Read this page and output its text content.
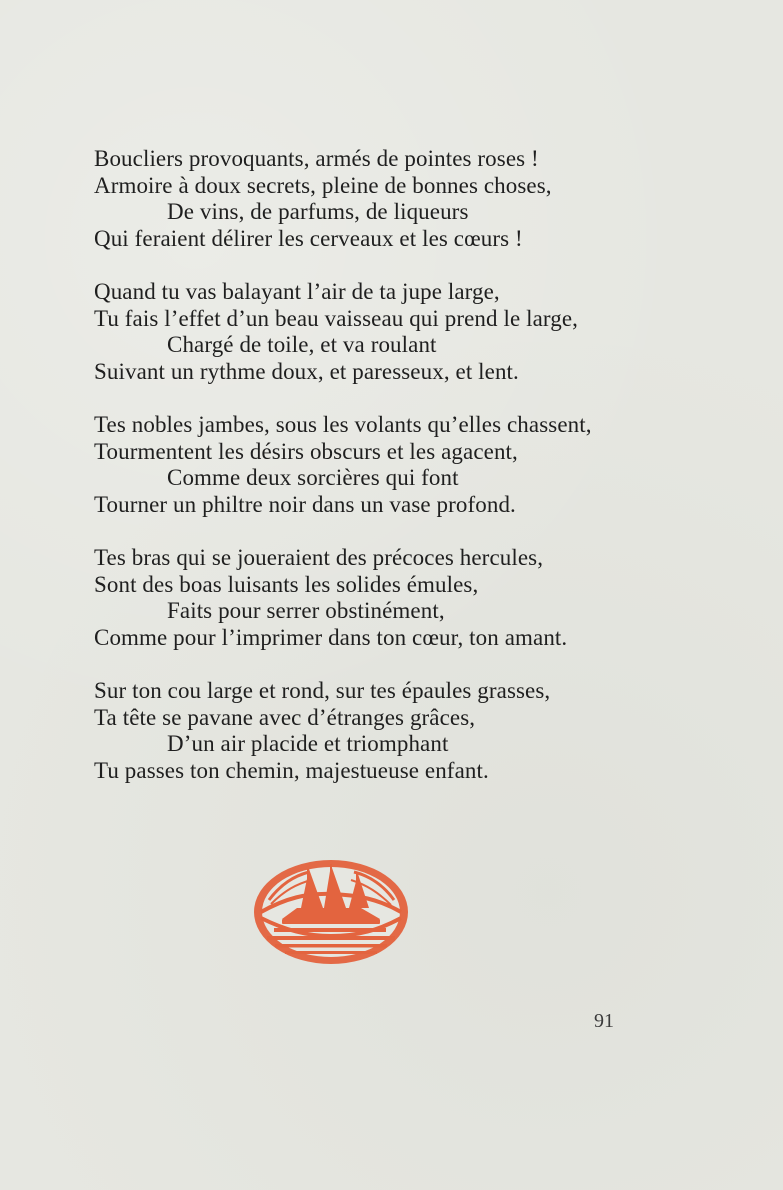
Boucliers provoquants, armés de pointes roses !
Armoire à doux secrets, pleine de bonnes choses,
De vins, de parfums, de liqueurs
Qui feraient délirer les cerveaux et les cœurs !
Quand tu vas balayant l’air de ta jupe large,
Tu fais l’effet d’un beau vaisseau qui prend le large,
Chargé de toile, et va roulant
Suivant un rythme doux, et paresseux, et lent.
Tes nobles jambes, sous les volants qu’elles chassent,
Tourmentent les désirs obscurs et les agacent,
Comme deux sorcières qui font
Tourner un philtre noir dans un vase profond.
Tes bras qui se joueraient des précoces hercules,
Sont des boas luisants les solides émules,
Faits pour serrer obstinément,
Comme pour l’imprimer dans ton cœur, ton amant.
Sur ton cou large et rond, sur tes épaules grasses,
Ta tête se pavane avec d’étranges grâces,
D’un air placide et triomphant
Tu passes ton chemin, majestueuse enfant.
91
